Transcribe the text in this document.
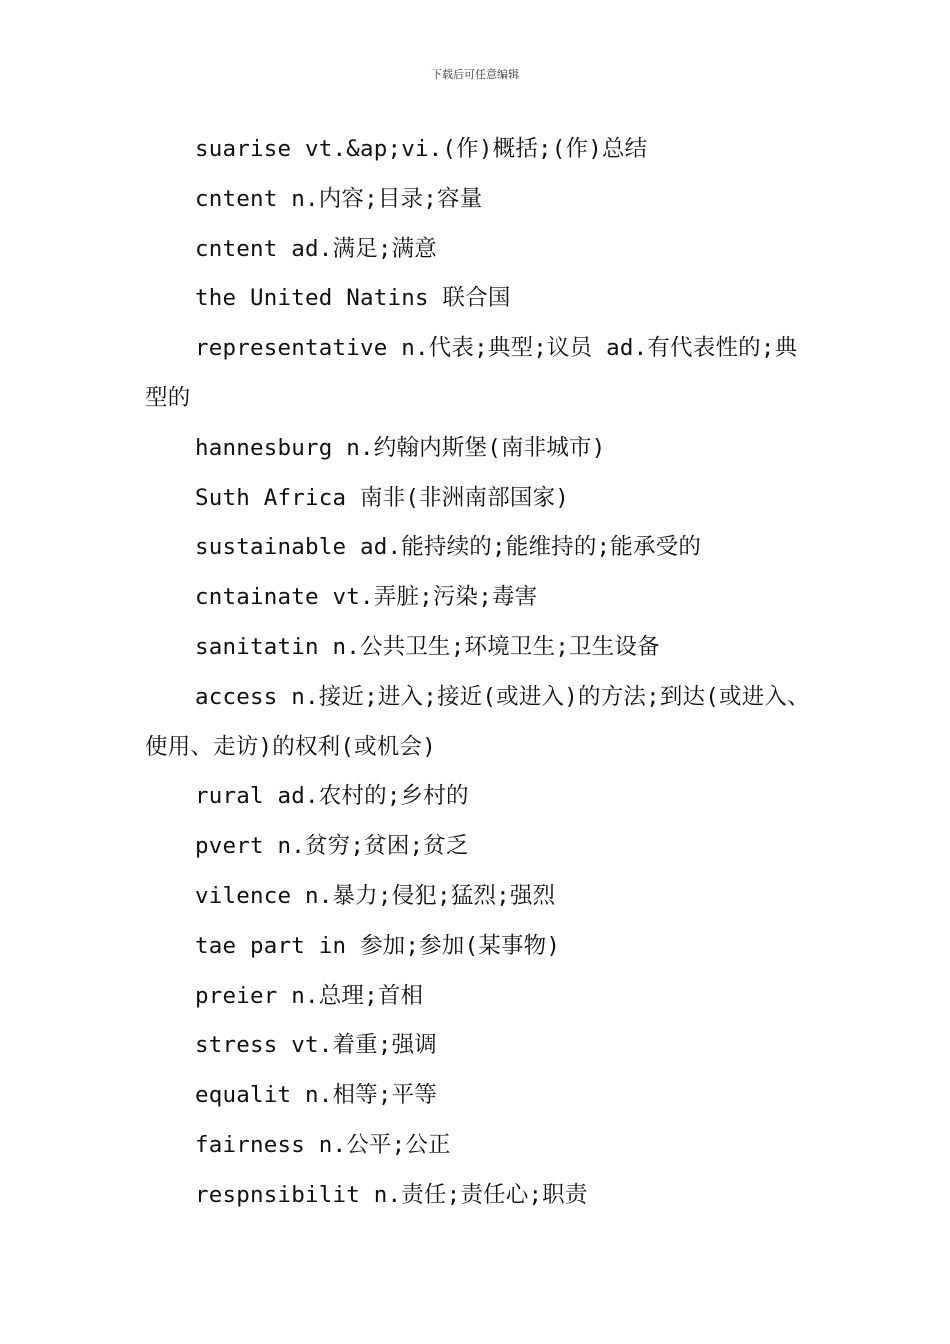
下载后可任意编辑

suarise vt.&ap;vi.(作)概括;(作)总结

cntent n.内容;目录;容量

cntent ad.满足;满意

the United Natins 联合国

representative n.代表;典型;议员 ad.有代表性的;典型的

hannesburg n.约翰内斯堡(南非城市)

Suth Africa 南非(非洲南部国家)

sustainable ad.能持续的;能维持的;能承受的

cntainate vt.弄脏;污染;毒害

sanitatin n.公共卫生;环境卫生;卫生设备

access n.接近;进入;接近(或进入)的方法;到达(或进入、使用、走访)的权利(或机会)

rural ad.农村的;乡村的

pvert n.贫穷;贫困;贫乏

vilence n.暴力;侵犯;猛烈;强烈

tae part in 参加;参加(某事物)

preier n.总理;首相

stress vt.着重;强调

equalit n.相等;平等

fairness n.公平;公正

respnsibilit n.责任;责任心;职责
